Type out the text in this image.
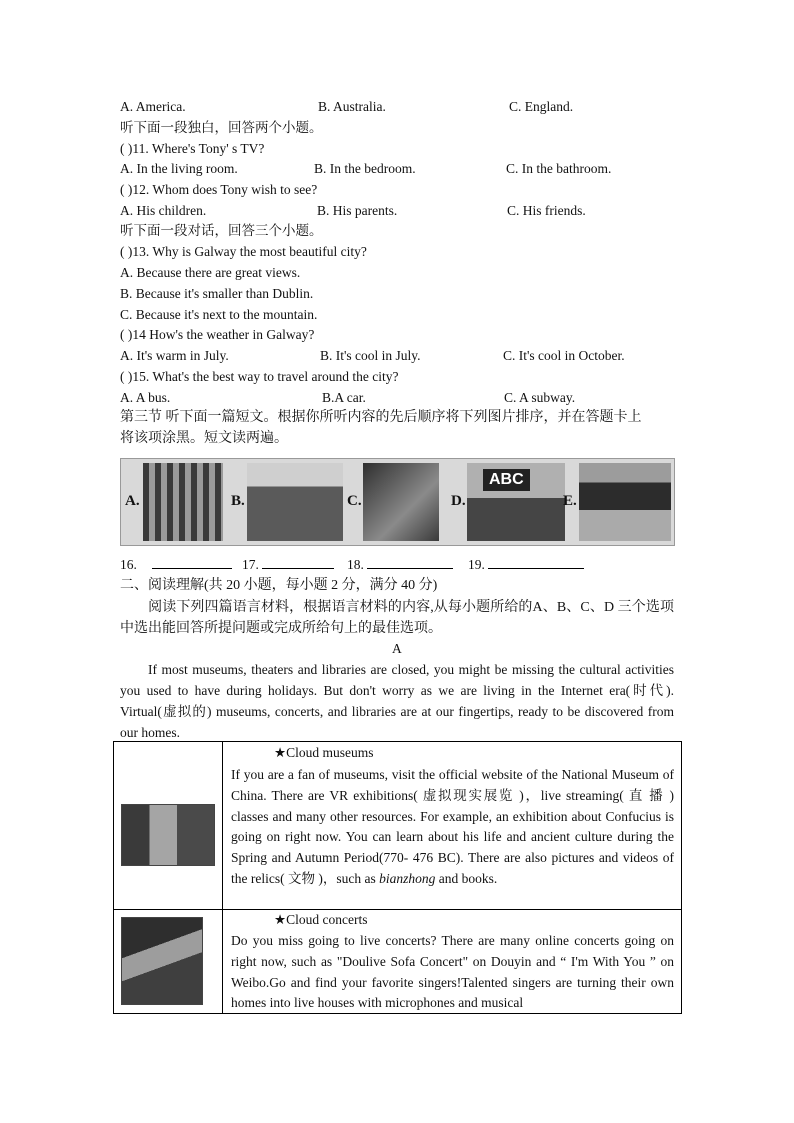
A. America.	B. Australia.	C. England.
听下面一段独白，回答两个小题。
( )11. Where's Tony' s TV?
A. In the living room.	B. In the bedroom.	C. In the bathroom.
( )12. Whom does Tony wish to see?
A. His children.	B. His parents.	C. His friends.
听下面一段对话，回答三个小题。
( )13. Why is Galway the most beautiful city?
A. Because there are great views.
B. Because it's smaller than Dublin.
C. Because it's next to the mountain.
( )14 How's the weather in Galway?
A. It's warm in July.	B. It's cool in July.	C. It's cool in October.
( )15. What's the best way to travel around the city?
A. A bus.	B.A car.	C. A subway.
第三节 听下面一篇短文。根据你所听内容的先后顺序将下列图片排序，并在答题卡上
将该项涂黑。短文读两遍。
A.	B.	C.	D.
ABC
E.
16.	17.	18.	19.
二、阅读理解(共 20 小题，每小题 2 分，满分 40 分)
阅读下列四篇语言材料，根据语言材料的内容,从每小题所给的A、B、C、D 三个选项中选出能回答所提问题或完成所给句上的最佳选项。
A
If most museums, theaters and libraries are closed, you might be missing the cultural activities you used to have during holidays. But don't worry as we are living in the Internet era(时代). Virtual(虚拟的) museums, concerts, and libraries are at our fingertips, ready to be discovered from our homes.
★Cloud museums
If you are a fan of museums, visit the official website of the National Museum of China. There are VR exhibitions( 虚拟现实展览 )，live streaming( 直 播 ) classes and many other resources. For example, an exhibition about Confucius is going on right now. You can learn about his life and ancient culture during the Spring and Autumn Period(770- 476 BC). There are also pictures and videos of the relics( 文物 )，such as bianzhong and books.
★Cloud concerts
Do you miss going to live concerts? There are many online concerts going on right now, such as "Doulive Sofa Concert" on Douyin and “ I'm With You ” on Weibo.Go and find your favorite singers!Talented singers are turning their own homes into live houses with microphones and musical
